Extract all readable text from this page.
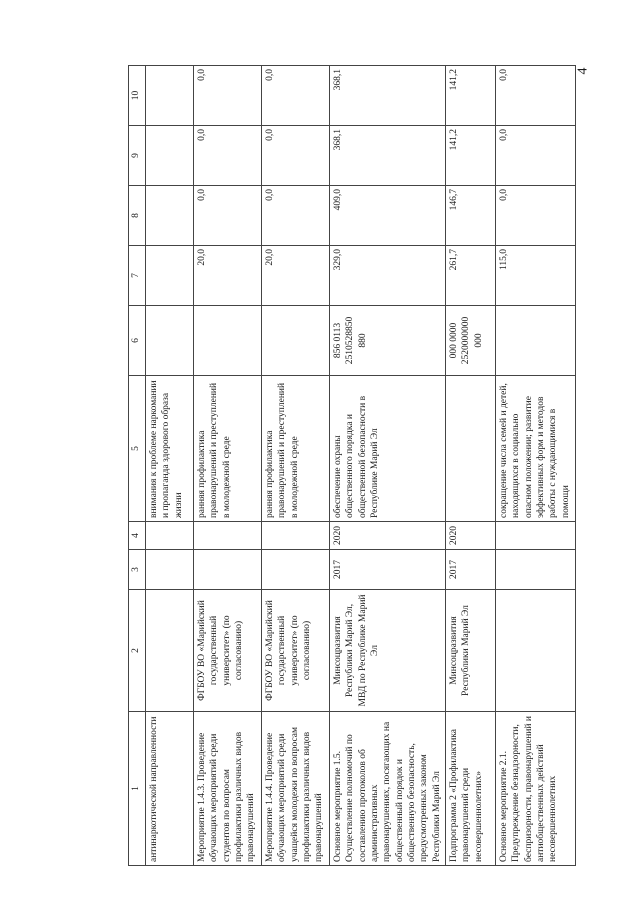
4
1	2	3	4	5	6	7	8	9	10
антинаркотической направленности				внимания к проблеме наркомании и пропаганда здорового образа жизни					
Мероприятие 1.4.3. Проведение обучающих мероприятий среди студентов по вопросам профилактики различных видов правонарушений	ФГБОУ ВО «Марийский государственный университет» (по согласованию)			ранняя профилактика правонарушений и преступлений в молодежной среде		20,0	0,0	0,0	0,0
Мероприятие 1.4.4. Проведение обучающих мероприятий среди учащейся молодежи по вопросам профилактики различных видов правонарушений	ФГБОУ ВО «Марийский государственный университет» (по согласованию)			ранняя профилактика правонарушений и преступлений в молодежной среде		20,0	0,0	0,0	0,0
Основное мероприятие 1.5. Осуществление полномочий по составлению протоколов об административных правонарушениях, посягающих на общественный порядок и общественную безопасность, предусмотренных законом Республики Марий Эл	Минсоцразвития Республики Марий Эл, МВД по Республике Марий Эл	2017	2020	обеспечение охраны общественного порядка и общественной безопасности в Республике Марий Эл	856 0113 2510528850 880	329,0	409,0	368,1	368,1
Подпрограмма 2 «Профилактика правонарушений среди несовершеннолетних»	Минсоцразвития Республики Марий Эл	2017	2020		000 0000 2520000000 000	261,7	146,7	141,2	141,2
Основное мероприятие 2.1. Предупреждение безнадзорности, беспризорности, правонарушений и антиобщественных действий несовершеннолетних				сокращение числа семей и детей, находящихся в социально опасном положении; развитие эффективных форм и методов работы с нуждающимися в помощи		115,0	0,0	0,0	0,0
